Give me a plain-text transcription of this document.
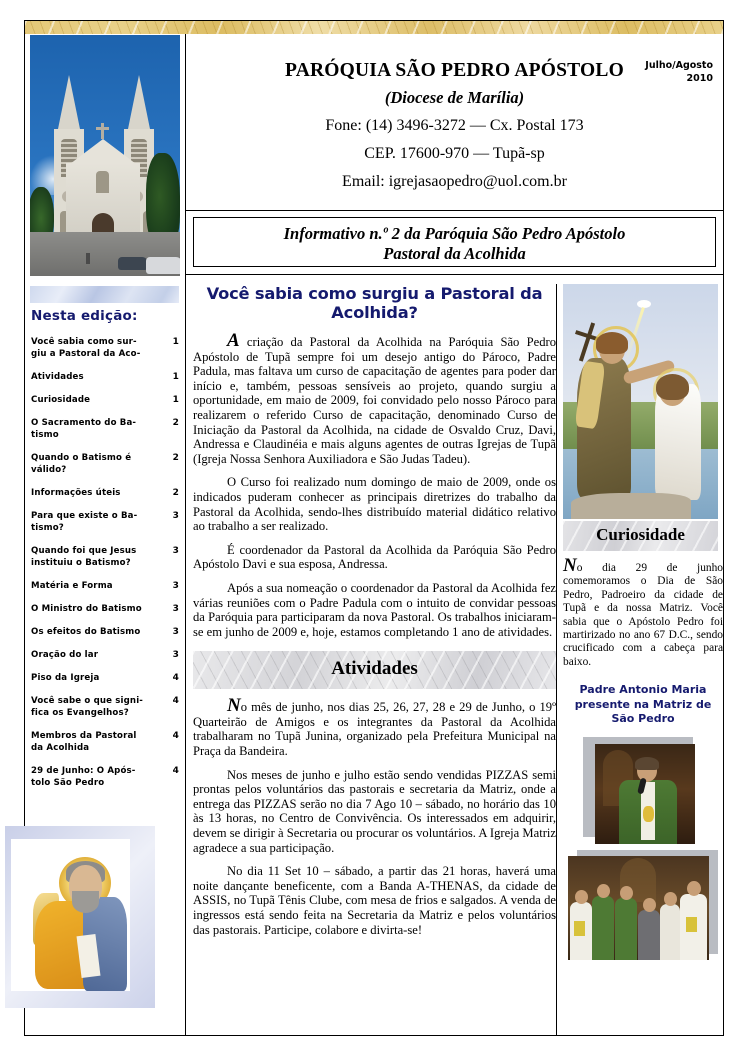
Nesta edição:
Você sabia como sur-
giu a Pastoral da Aco-
1
Atividades	1
Curiosidade	1
O Sacramento do Ba-
tismo
2
Quando o Batismo é
válido?
2
Informações úteis	2
Para que existe o Ba-
tismo?
3
Quando foi que Jesus
instituiu o Batismo?
3
Matéria e Forma	3
O Ministro do Batismo	3
Os efeitos do Batismo	3
Oração do lar	3
Piso da Igreja	4
Você sabe o que signi-
fica os Evangelhos?
4
Membros da Pastoral
da Acolhida
4
29 de Junho: O Após-
tolo São Pedro
4
PARÓQUIA SÃO PEDRO APÓSTOLO
(Diocese de Marília)
Fone: (14) 3496-3272 — Cx. Postal 173
CEP. 17600-970 — Tupã-sp
Email: igrejasaopedro@uol.com.br
Julho/Agosto
2010
Informativo n.º 2 da Paróquia São Pedro Apóstolo
Pastoral da Acolhida
Você sabia como surgiu a Pastoral da Acolhida?

A criação da Pastoral da Acolhida na Paróquia São Pedro Apóstolo de Tupã sempre foi um desejo antigo do Pároco, Padre Padula, mas faltava um curso de capacitação de agentes para poder dar início e, também, pessoas sensíveis ao projeto, quando surgiu a oportunidade, em maio de 2009, foi convidado pelo nosso Pároco para realizarem o referido Curso de capacitação, denominado Curso de Iniciação da Pastoral da Acolhida, na cidade de Osvaldo Cruz, Davi, Andressa e Claudinéia e mais alguns agentes de outras Igrejas de Tupã (Igreja Nossa Senhora Auxiliadora e São Judas Tadeu).

O Curso foi realizado num domingo de maio de 2009, onde os indicados puderam conhecer as principais diretrizes do trabalho da Pastoral da Acolhida, sendo-lhes distribuído material didático relativo ao trabalho a ser realizado.

É coordenador da Pastoral da Acolhida da Paróquia São Pedro Apóstolo Davi e sua esposa, Andressa.

Após a sua nomeação o coordenador da Pastoral da Acolhida fez várias reuniões com o Padre Padula com o intuito de convidar pessoas da Paróquia para participaram da nova Pastoral. Os trabalhos iniciaram-se em junho de 2009 e, hoje, estamos completando 1 ano de atividades.

Atividades

No mês de junho, nos dias 25, 26, 27, 28 e 29 de Junho, o 19º Quarteirão de Amigos e os integrantes da Pastoral da Acolhida trabalharam no Tupã Junina, organizado pela Prefeitura Municipal na Praça da Bandeira.

Nos meses de junho e julho estão sendo vendidas PIZZAS semi prontas pelos voluntários das pastorais e secretaria da Matriz, onde a entrega das PIZZAS serão no dia 7 Ago 10 – sábado, no horário das 10 às 13 horas, no Centro de Convivência. Os interessados em adquirir, devem se dirigir à Secretaria ou procurar os voluntários. A Igreja Matriz agradece a sua participação.

No dia 11 Set 10 – sábado, a partir das 21 horas, haverá uma noite dançante beneficente, com a Banda A-THENAS, da cidade de ASSIS, no Tupã Tênis Clube, com mesa de frios e salgados. A venda de ingressos está sendo feita na Secretaria da Matriz e pelos voluntários das pastorais. Participe, colabore e divirta-se!

Curiosidade

No dia 29 de junho comemoramos o Dia de São Pedro, Padroeiro da cidade de Tupã e da nossa Matriz. Você sabia que o Apóstolo Pedro foi martirizado no ano 67 D.C., sendo crucificado com a cabeça para baixo.

Padre Antonio Maria presente na Matriz de São Pedro
